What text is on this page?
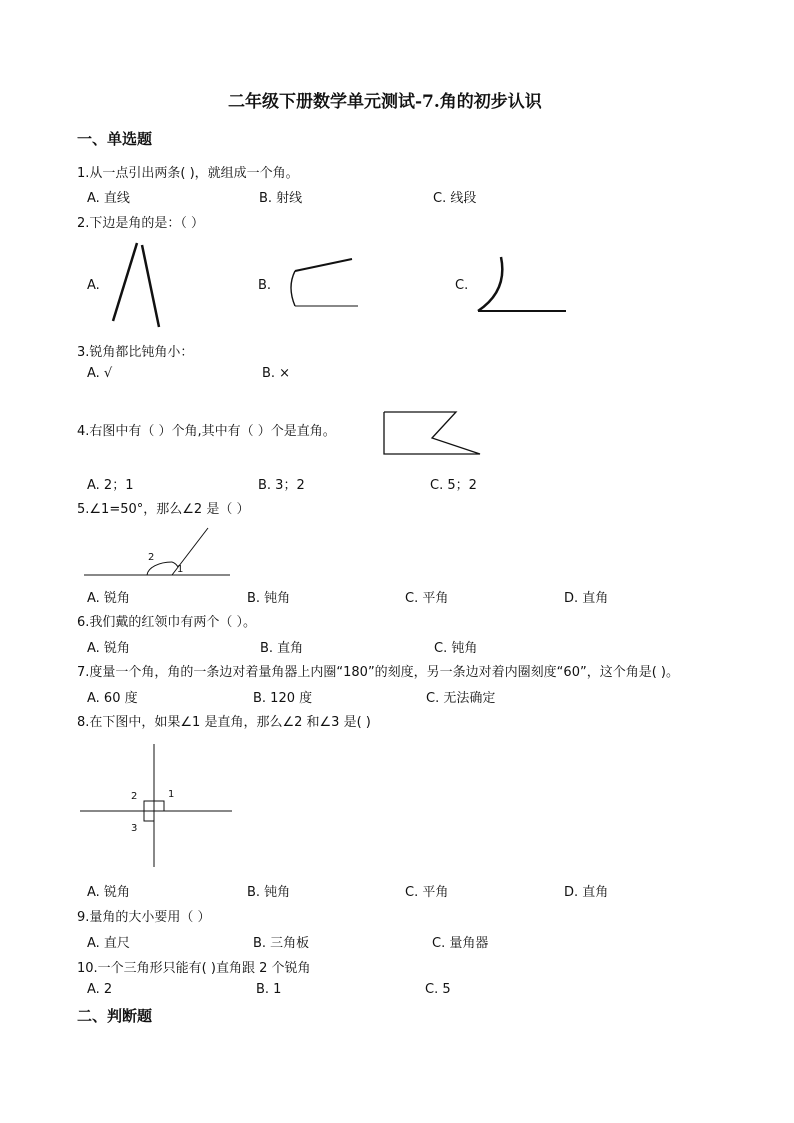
二年级下册数学单元测试-7.角的初步认识
一、单选题
1.从一点引出两条( )，就组成一个角。
A. 直线	B. 射线	C. 线段
2.下边是角的是：（ ）
A.	B.	C.
3.锐角都比钝角小：
A. √	B. ×
4.右图中有（ ）个角,其中有（ ）个是直角。
A. 2；1	B. 3；2	C. 5；2
5.∠1=50°，那么∠2 是（ ）
2
1
A. 锐角	B. 钝角	C. 平角	D. 直角
6.我们戴的红领巾有两个（ ）。
A. 锐角	B. 直角	C. 钝角
7.度量一个角，角的一条边对着量角器上内圈“180”的刻度，另一条边对着内圈刻度“60”，这个角是( )。
A. 60 度	B. 120 度	C. 无法确定
8.在下图中，如果∠1 是直角，那么∠2 和∠3 是( )
2	1
3
A. 锐角	B. 钝角	C. 平角	D. 直角
9.量角的大小要用（ ）
A. 直尺	B. 三角板	C. 量角器
10.一个三角形只能有( )直角跟 2 个锐角
A. 2	B. 1	C. 5
二、判断题
